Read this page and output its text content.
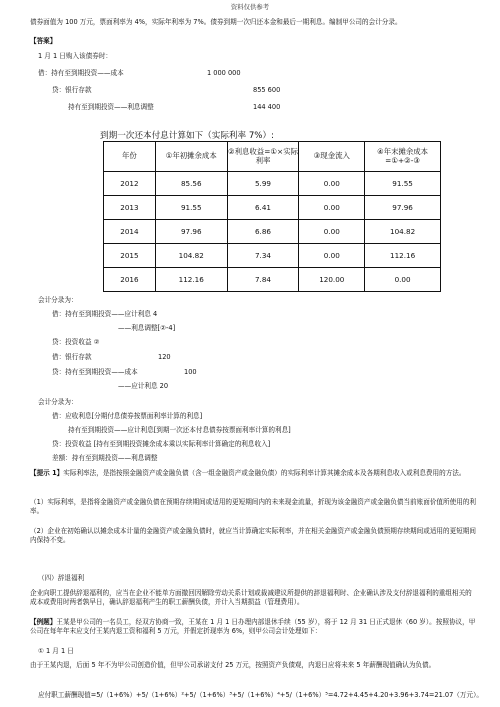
资料仅供参考
债券面值为 100 万元，票面利率为 4%，实际年利率为 7%。债券到期一次归还本金和最后一期利息。编制甲公司的会计分录。
【答案】
1 月 1 日购入该债券时：
借：持有至到期投资——成本	1 000 000
贷：银行存款	855 600
持有至到期投资——利息调整	144 400
到期一次还本付息计算如下（实际利率 7%）:
年份	①年初摊余成本	②利息收益=①×实际利率	③现金流入	④年末摊余成本=①+②-③
2012	85.56	5.99	0.00	91.55
2013	91.55	6.41	0.00	97.96
2014	97.96	6.86	0.00	104.82
2015	104.82	7.34	0.00	112.16
2016	112.16	7.84	120.00	0.00
会计分录为：
借：持有至到期投资——应计利息 4
——利息调整[②-4]
贷：投资收益 ②
借：银行存款	120
贷：持有至到期投资——成本	100
——应计利息 20
会计分录为：
借：应收利息[分期付息债券按票面利率计算的利息]
持有至到期投资——应计利息[到期一次还本付息债券按票面利率计算的利息]
贷：投资收益 [持有至到期投资摊余成本乘以实际利率计算确定的利息收入]
差额：持有至到期投资——利息调整
【提示 1】实际利率法，是指按照金融资产或金融负债（含一组金融资产或金融负债）的实际利率计算其摊余成本及各期利息收入或利息费用的方法。
（1）实际利率，是指将金融资产或金融负债在预期存续期间或适用的更短期间内的未来现金流量，折现为该金融资产或金融负债当前账面价值所使用的利率。
（2）企业在初始确认以摊余成本计量的金融资产或金融负债时，就应当计算确定实际利率，并在相关金融资产或金融负债预期存续期间或适用的更短期间内保持不变。
（四）辞退福利
企业向职工提供辞退福利的，应当在企业不能单方面撤回因解除劳动关系计划或裁减建议所提供的辞退福利时、企业确认涉及支付辞退福利的重组相关的成本或费用时两者孰早日，确认辞退福利产生的职工薪酬负债，并计入当期损益（管理费用）。
【例题】王某是甲公司的一名员工，经双方协商一致，王某在 1 月 1 日办理内部退休手续（55 岁），将于 12 月 31 日正式退休（60 岁）。按照协议，甲公司在每年年末应支付王某内退工资和福利 5 万元，并假定折现率为 6%，则甲公司会计处理如下：
① 1 月 1 日
由于王某内退，后面 5 年不为甲公司创造价值，但甲公司承诺支付 25 万元，按照资产负债观，内退日应将未来 5 年薪酬现值确认为负债。
应付职工薪酬现值=5/（1+6%）+5/（1+6%）²+5/（1+6%）³+5/（1+6%）⁴+5/（1+6%）⁵=4.72+4.45+4.20+3.96+3.74=21.07（万元）。
